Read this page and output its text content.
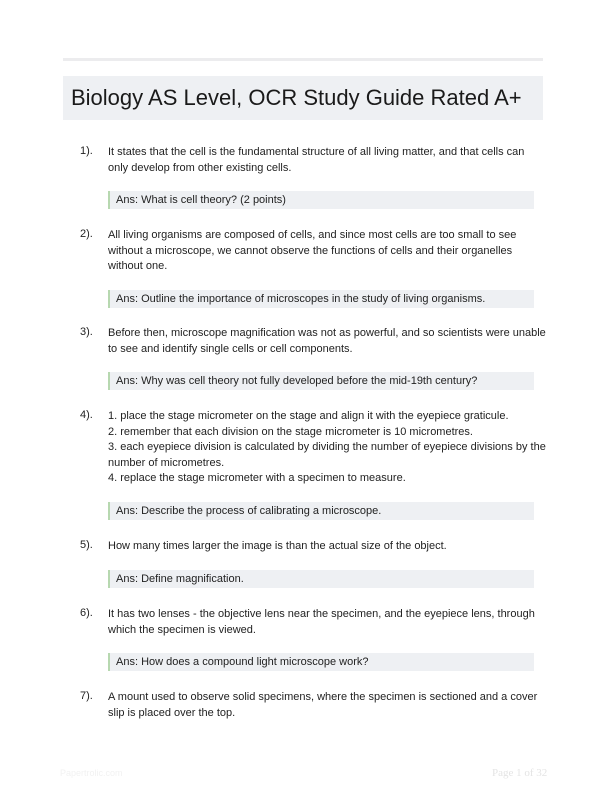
Biology AS Level, OCR Study Guide Rated A+
1). It states that the cell is the fundamental structure of all living matter, and that cells can
only develop from other existing cells.
Ans: What is cell theory? (2 points)
2). All living organisms are composed of cells, and since most cells are too small to see
without a microscope, we cannot observe the functions of cells and their organelles
without one.
Ans: Outline the importance of microscopes in the study of living organisms.
3). Before then, microscope magnification was not as powerful, and so scientists were unable
to see and identify single cells or cell components.
Ans: Why was cell theory not fully developed before the mid-19th century?
4). 1. place the stage micrometer on the stage and align it with the eyepiece graticule.
2. remember that each division on the stage micrometer is 10 micrometres.
3. each eyepiece division is calculated by dividing the number of eyepiece divisions by the
number of micrometres.
4. replace the stage micrometer with a specimen to measure.
Ans: Describe the process of calibrating a microscope.
5). How many times larger the image is than the actual size of the object.
Ans: Define magnification.
6). It has two lenses - the objective lens near the specimen, and the eyepiece lens, through
which the specimen is viewed.
Ans: How does a compound light microscope work?
7). A mount used to observe solid specimens, where the specimen is sectioned and a cover
slip is placed over the top.
Papertrolic.com	Page 1 of 32
